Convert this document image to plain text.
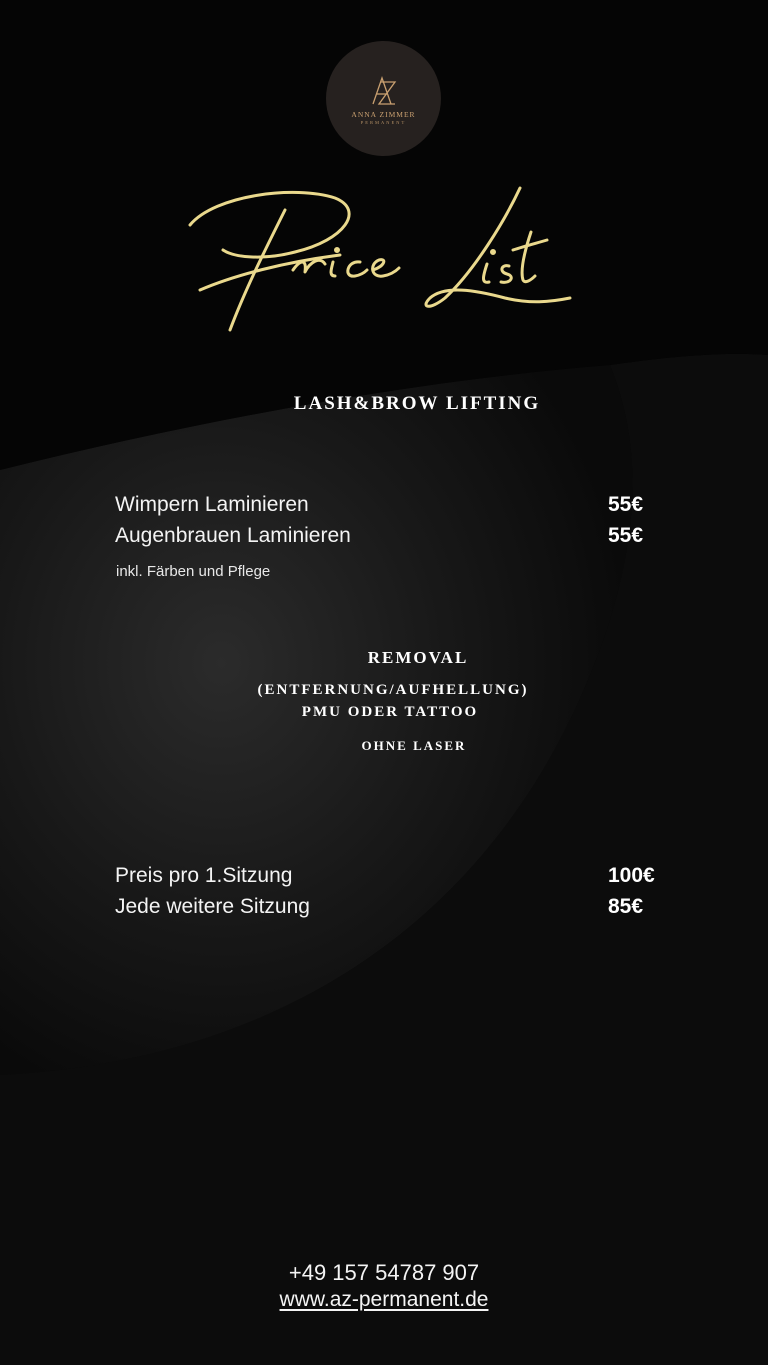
ANNA ZIMMER
PERMANENT
LASH&BROW LIFTING
Wimpern Laminieren	55€
Augenbrauen Laminieren	55€
inkl. Färben und Pflege
REMOVAL
(ENTFERNUNG/AUFHELLUNG)
PMU ODER TATTOO
OHNE LASER
Preis pro 1.Sitzung	100€
Jede weitere Sitzung	85€
+49 157 54787 907
www.az-permanent.de
